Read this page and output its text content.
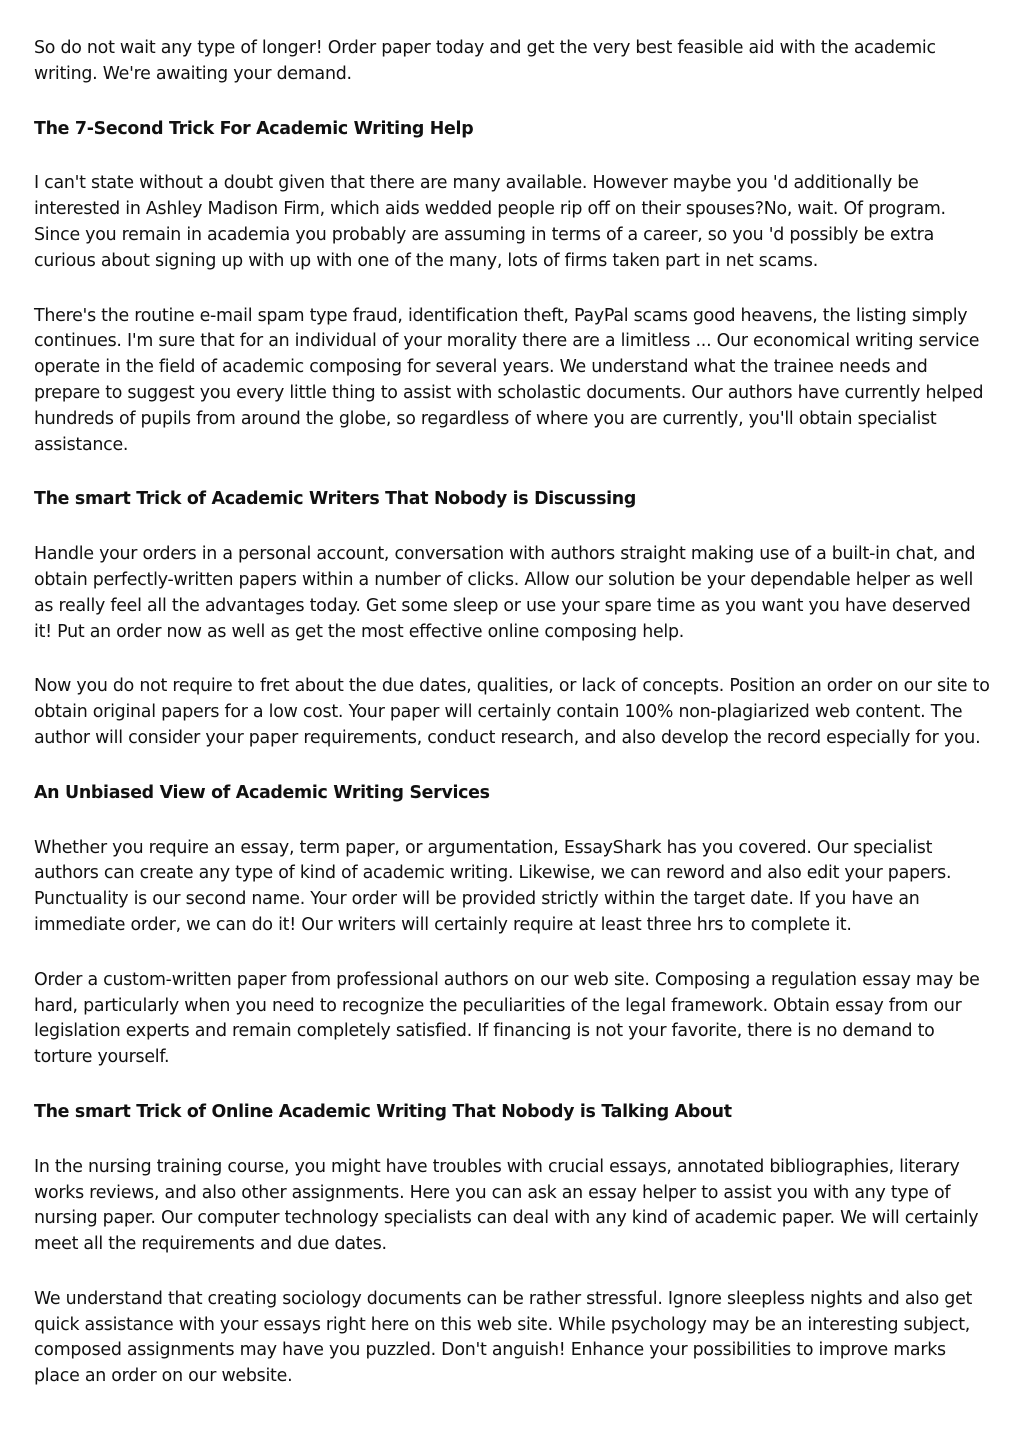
So do not wait any type of longer! Order paper today and get the very best feasible aid with the academic writing. We're awaiting your demand.

The 7-Second Trick For Academic Writing Help

I can't state without a doubt given that there are many available. However maybe you 'd additionally be interested in Ashley Madison Firm, which aids wedded people rip off on their spouses?No, wait. Of program. Since you remain in academia you probably are assuming in terms of a career, so you 'd possibly be extra curious about signing up with up with one of the many, lots of firms taken part in net scams.

There's the routine e-mail spam type fraud, identification theft, PayPal scams good heavens, the listing simply continues. I'm sure that for an individual of your morality there are a limitless ... Our economical writing service operate in the field of academic composing for several years. We understand what the trainee needs and prepare to suggest you every little thing to assist with scholastic documents. Our authors have currently helped hundreds of pupils from around the globe, so regardless of where you are currently, you'll obtain specialist assistance.

The smart Trick of Academic Writers That Nobody is Discussing

Handle your orders in a personal account, conversation with authors straight making use of a built-in chat, and obtain perfectly-written papers within a number of clicks. Allow our solution be your dependable helper as well as really feel all the advantages today. Get some sleep or use your spare time as you want you have deserved it! Put an order now as well as get the most effective online composing help.

Now you do not require to fret about the due dates, qualities, or lack of concepts. Position an order on our site to obtain original papers for a low cost. Your paper will certainly contain 100% non-plagiarized web content. The author will consider your paper requirements, conduct research, and also develop the record especially for you.

An Unbiased View of Academic Writing Services

Whether you require an essay, term paper, or argumentation, EssayShark has you covered. Our specialist authors can create any type of kind of academic writing. Likewise, we can reword and also edit your papers. Punctuality is our second name. Your order will be provided strictly within the target date. If you have an immediate order, we can do it! Our writers will certainly require at least three hrs to complete it.

Order a custom-written paper from professional authors on our web site. Composing a regulation essay may be hard, particularly when you need to recognize the peculiarities of the legal framework. Obtain essay from our legislation experts and remain completely satisfied. If financing is not your favorite, there is no demand to torture yourself.

The smart Trick of Online Academic Writing That Nobody is Talking About

In the nursing training course, you might have troubles with crucial essays, annotated bibliographies, literary works reviews, and also other assignments. Here you can ask an essay helper to assist you with any type of nursing paper. Our computer technology specialists can deal with any kind of academic paper. We will certainly meet all the requirements and due dates.

We understand that creating sociology documents can be rather stressful. Ignore sleepless nights and also get quick assistance with your essays right here on this web site. While psychology may be an interesting subject, composed assignments may have you puzzled. Don't anguish! Enhance your possibilities to improve marks place an order on our website.
